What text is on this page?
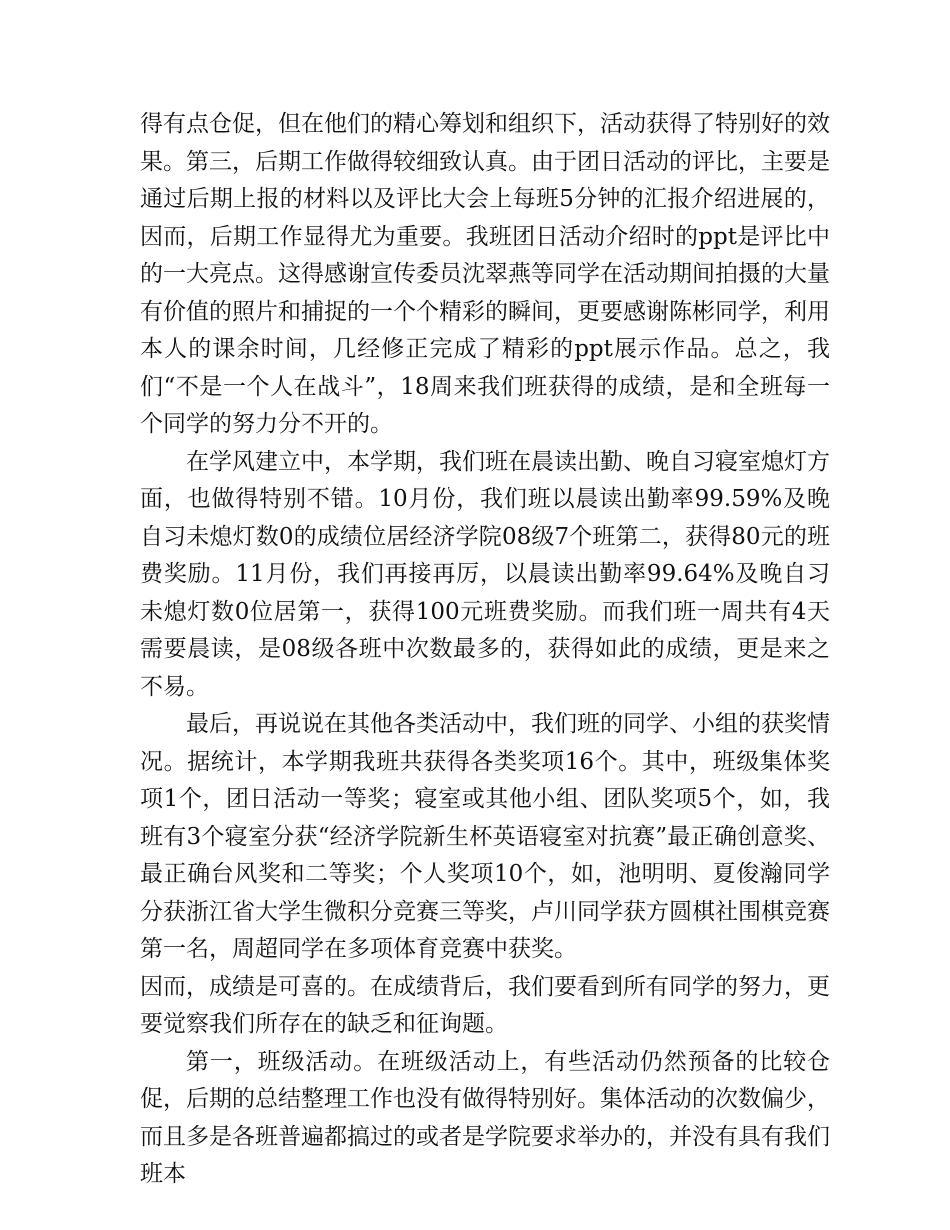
得有点仓促，但在他们的精心筹划和组织下，活动获得了特别好的效果。第三，后期工作做得较细致认真。由于团日活动的评比，主要是通过后期上报的材料以及评比大会上每班5分钟的汇报介绍进展的，因而，后期工作显得尤为重要。我班团日活动介绍时的ppt是评比中的一大亮点。这得感谢宣传委员沈翠燕等同学在活动期间拍摄的大量有价值的照片和捕捉的一个个精彩的瞬间，更要感谢陈彬同学，利用本人的课余时间，几经修正完成了精彩的ppt展示作品。总之，我们“不是一个人在战斗”，18周来我们班获得的成绩，是和全班每一个同学的努力分不开的。

在学风建立中，本学期，我们班在晨读出勤、晚自习寝室熄灯方面，也做得特别不错。10月份，我们班以晨读出勤率99.59%及晚自习未熄灯数0的成绩位居经济学院08级7个班第二，获得80元的班费奖励。11月份，我们再接再厉，以晨读出勤率99.64%及晚自习未熄灯数0位居第一，获得100元班费奖励。而我们班一周共有4天需要晨读，是08级各班中次数最多的，获得如此的成绩，更是来之不易。

最后，再说说在其他各类活动中，我们班的同学、小组的获奖情况。据统计，本学期我班共获得各类奖项16个。其中，班级集体奖项1个，团日活动一等奖；寝室或其他小组、团队奖项5个，如，我班有3个寝室分获“经济学院新生杯英语寝室对抗赛”最正确创意奖、最正确台风奖和二等奖；个人奖项10个，如，池明明、夏俊瀚同学分获浙江省大学生微积分竞赛三等奖，卢川同学获方圆棋社围棋竞赛第一名，周超同学在多项体育竞赛中获奖。

因而，成绩是可喜的。在成绩背后，我们要看到所有同学的努力，更要觉察我们所存在的缺乏和征询题。

第一，班级活动。在班级活动上，有些活动仍然预备的比较仓促，后期的总结整理工作也没有做得特别好。集体活动的次数偏少，而且多是各班普遍都搞过的或者是学院要求举办的，并没有具有我们班本
